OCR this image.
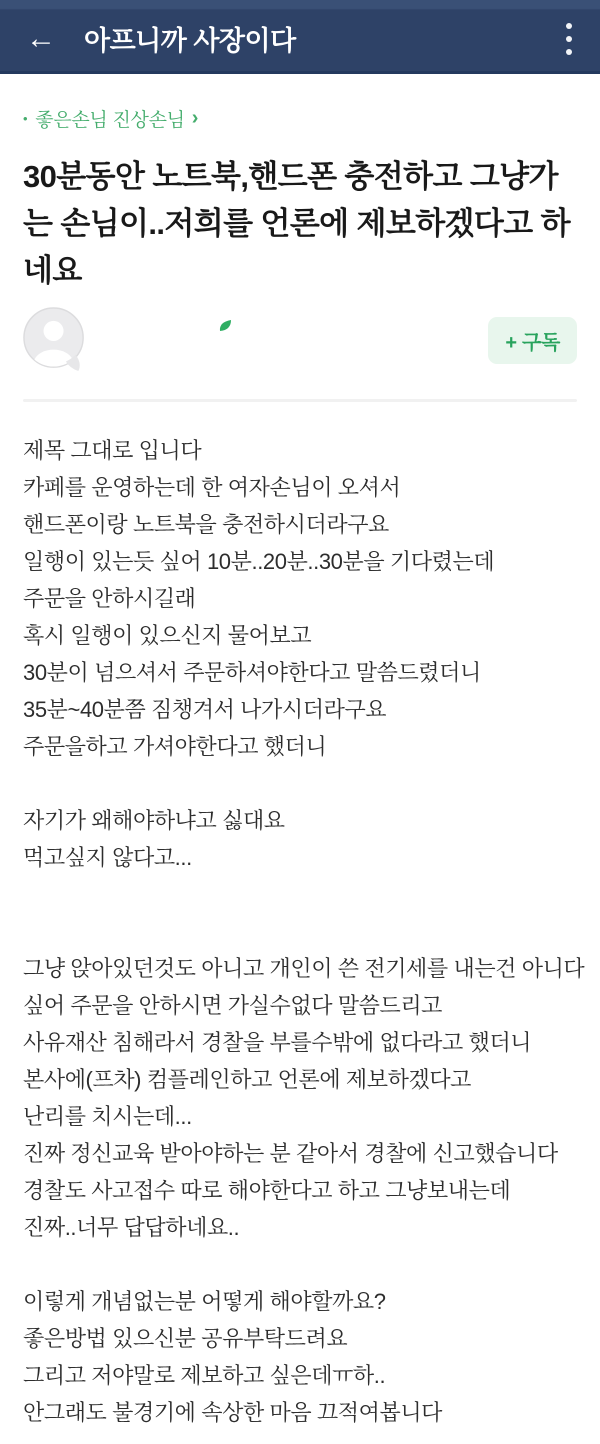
← 아프니까 사장이다
• 좋은손님 진상손님 ›
30분동안 노트북,핸드폰 충전하고 그냥가는 손님이..저희를 언론에 제보하겠다고 하네요
+ 구독
제목 그대로 입니다
카페를 운영하는데 한 여자손님이 오셔서
핸드폰이랑 노트북을 충전하시더라구요
일행이 있는듯 싶어 10분..20분..30분을 기다렸는데
주문을 안하시길래
혹시 일행이 있으신지 물어보고
30분이 넘으셔서 주문하셔야한다고 말씀드렸더니
35분~40분쯤 짐챙겨서 나가시더라구요
주문을하고 가셔야한다고 했더니
자기가 왜해야하냐고 싫대요
먹고싶지 않다고...
그냥 앉아있던것도 아니고 개인이 쓴 전기세를 내는건 아니다
싶어 주문을 안하시면 가실수없다 말씀드리고
사유재산 침해라서 경찰을 부를수밖에 없다라고 했더니
본사에(프차) 컴플레인하고 언론에 제보하겠다고
난리를 치시는데...
진짜 정신교육 받아야하는 분 같아서 경찰에 신고했습니다
경찰도 사고접수 따로 해야한다고 하고 그냥보내는데
진짜..너무 답답하네요..
이렇게 개념없는분 어떻게 해야할까요?
좋은방법 있으신분 공유부탁드려요
그리고 저야말로 제보하고 싶은데ㅠ하..
안그래도 불경기에 속상한 마음 끄적여봅니다
